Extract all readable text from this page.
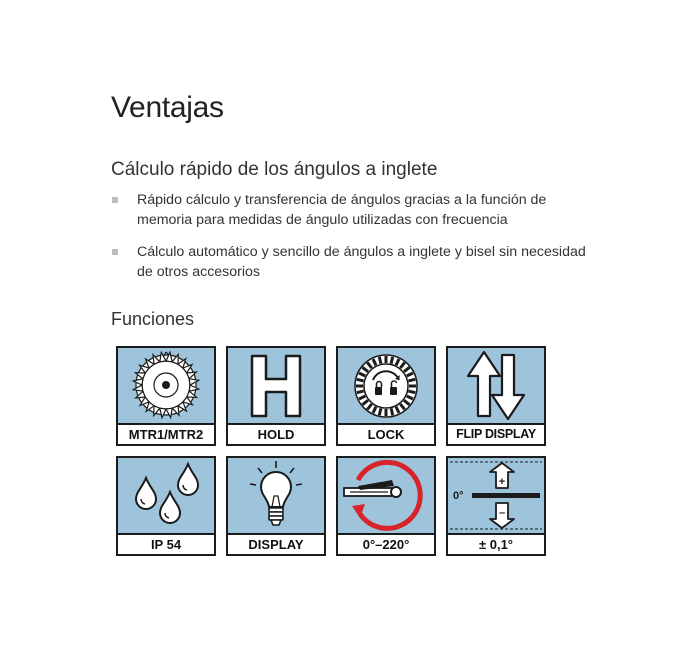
Ventajas
Cálculo rápido de los ángulos a inglete
Rápido cálculo y transferencia de ángulos gracias a la función de memoria para medidas de ángulo utilizadas con frecuencia
Cálculo automático y sencillo de ángulos a inglete y bisel sin necesidad de otros accesorios
Funciones
MTR1/MTR2	HOLD	LOCK	FLIP DISPLAY
IP 54	DISPLAY	0°–220°
+
0°
–
± 0,1°
